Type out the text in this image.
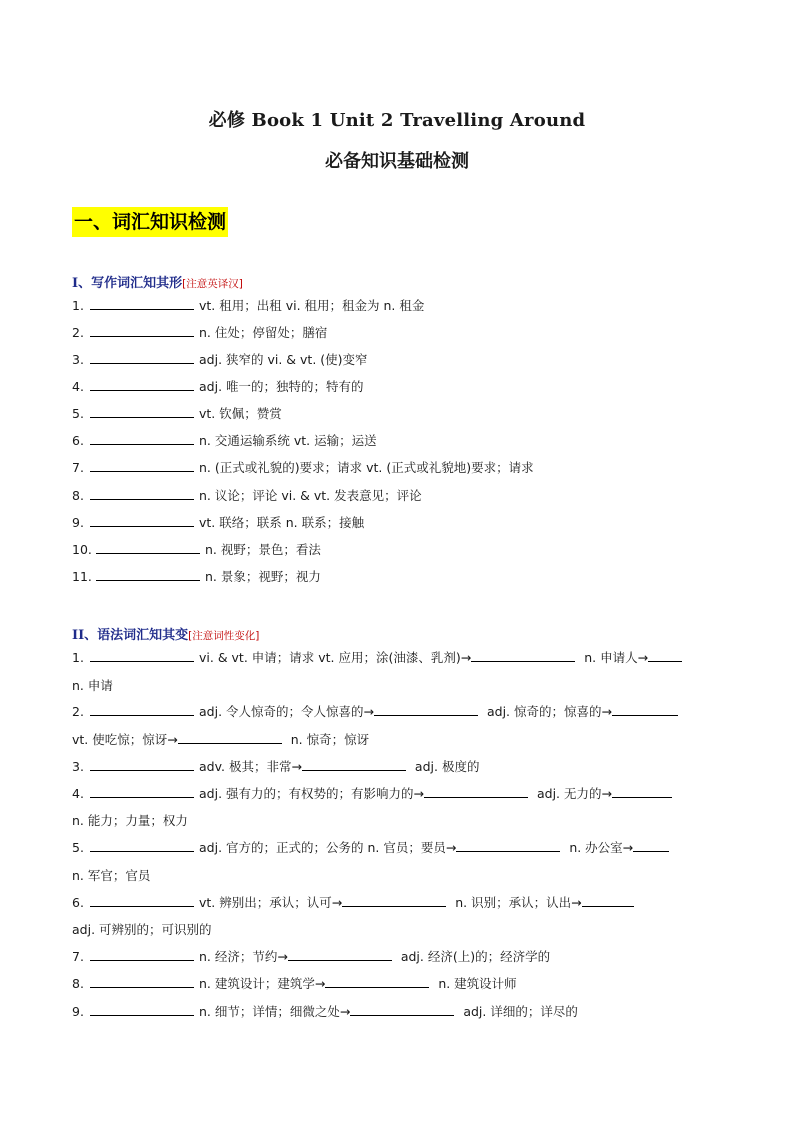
必修 Book 1 Unit 2 Travelling Around
必备知识基础检测
一、词汇知识检测
I、写作词汇知其形[注意英译汉]
1.	vt. 租用；出租 vi. 租用；租金为 n. 租金
2.	n. 住处；停留处；膳宿
3.	adj. 狭窄的 vi. & vt. (使)变窄
4.	adj. 唯一的；独特的；特有的
5.	vt. 钦佩；赞赏
6.	n. 交通运输系统 vt. 运输；运送
7.	n. (正式或礼貌的)要求；请求 vt. (正式或礼貌地)要求；请求
8.	n. 议论；评论 vi. & vt. 发表意见；评论
9.	vt. 联络；联系 n. 联系；接触
10.	n. 视野；景色；看法
11.	n. 景象；视野；视力
II、语法词汇知其变[注意词性变化]
1.	vi. & vt. 申请；请求 vt. 应用；涂(油漆、乳剂)→	n. 申请人→
n. 申请
2.	adj. 令人惊奇的；令人惊喜的→	adj. 惊奇的；惊喜的→
vt. 使吃惊；惊讶→	n. 惊奇；惊讶
3.	adv. 极其；非常→	adj. 极度的
4.	adj. 强有力的；有权势的；有影响力的→	adj. 无力的→
n. 能力；力量；权力
5.	adj. 官方的；正式的；公务的 n. 官员；要员→	n. 办公室→
n. 军官；官员
6.	vt. 辨别出；承认；认可→	n. 识别；承认；认出→
adj. 可辨别的；可识别的
7.	n. 经济；节约→	adj. 经济(上)的；经济学的
8.	n. 建筑设计；建筑学→	n. 建筑设计师
9.	n. 细节；详情；细微之处→	adj. 详细的；详尽的
